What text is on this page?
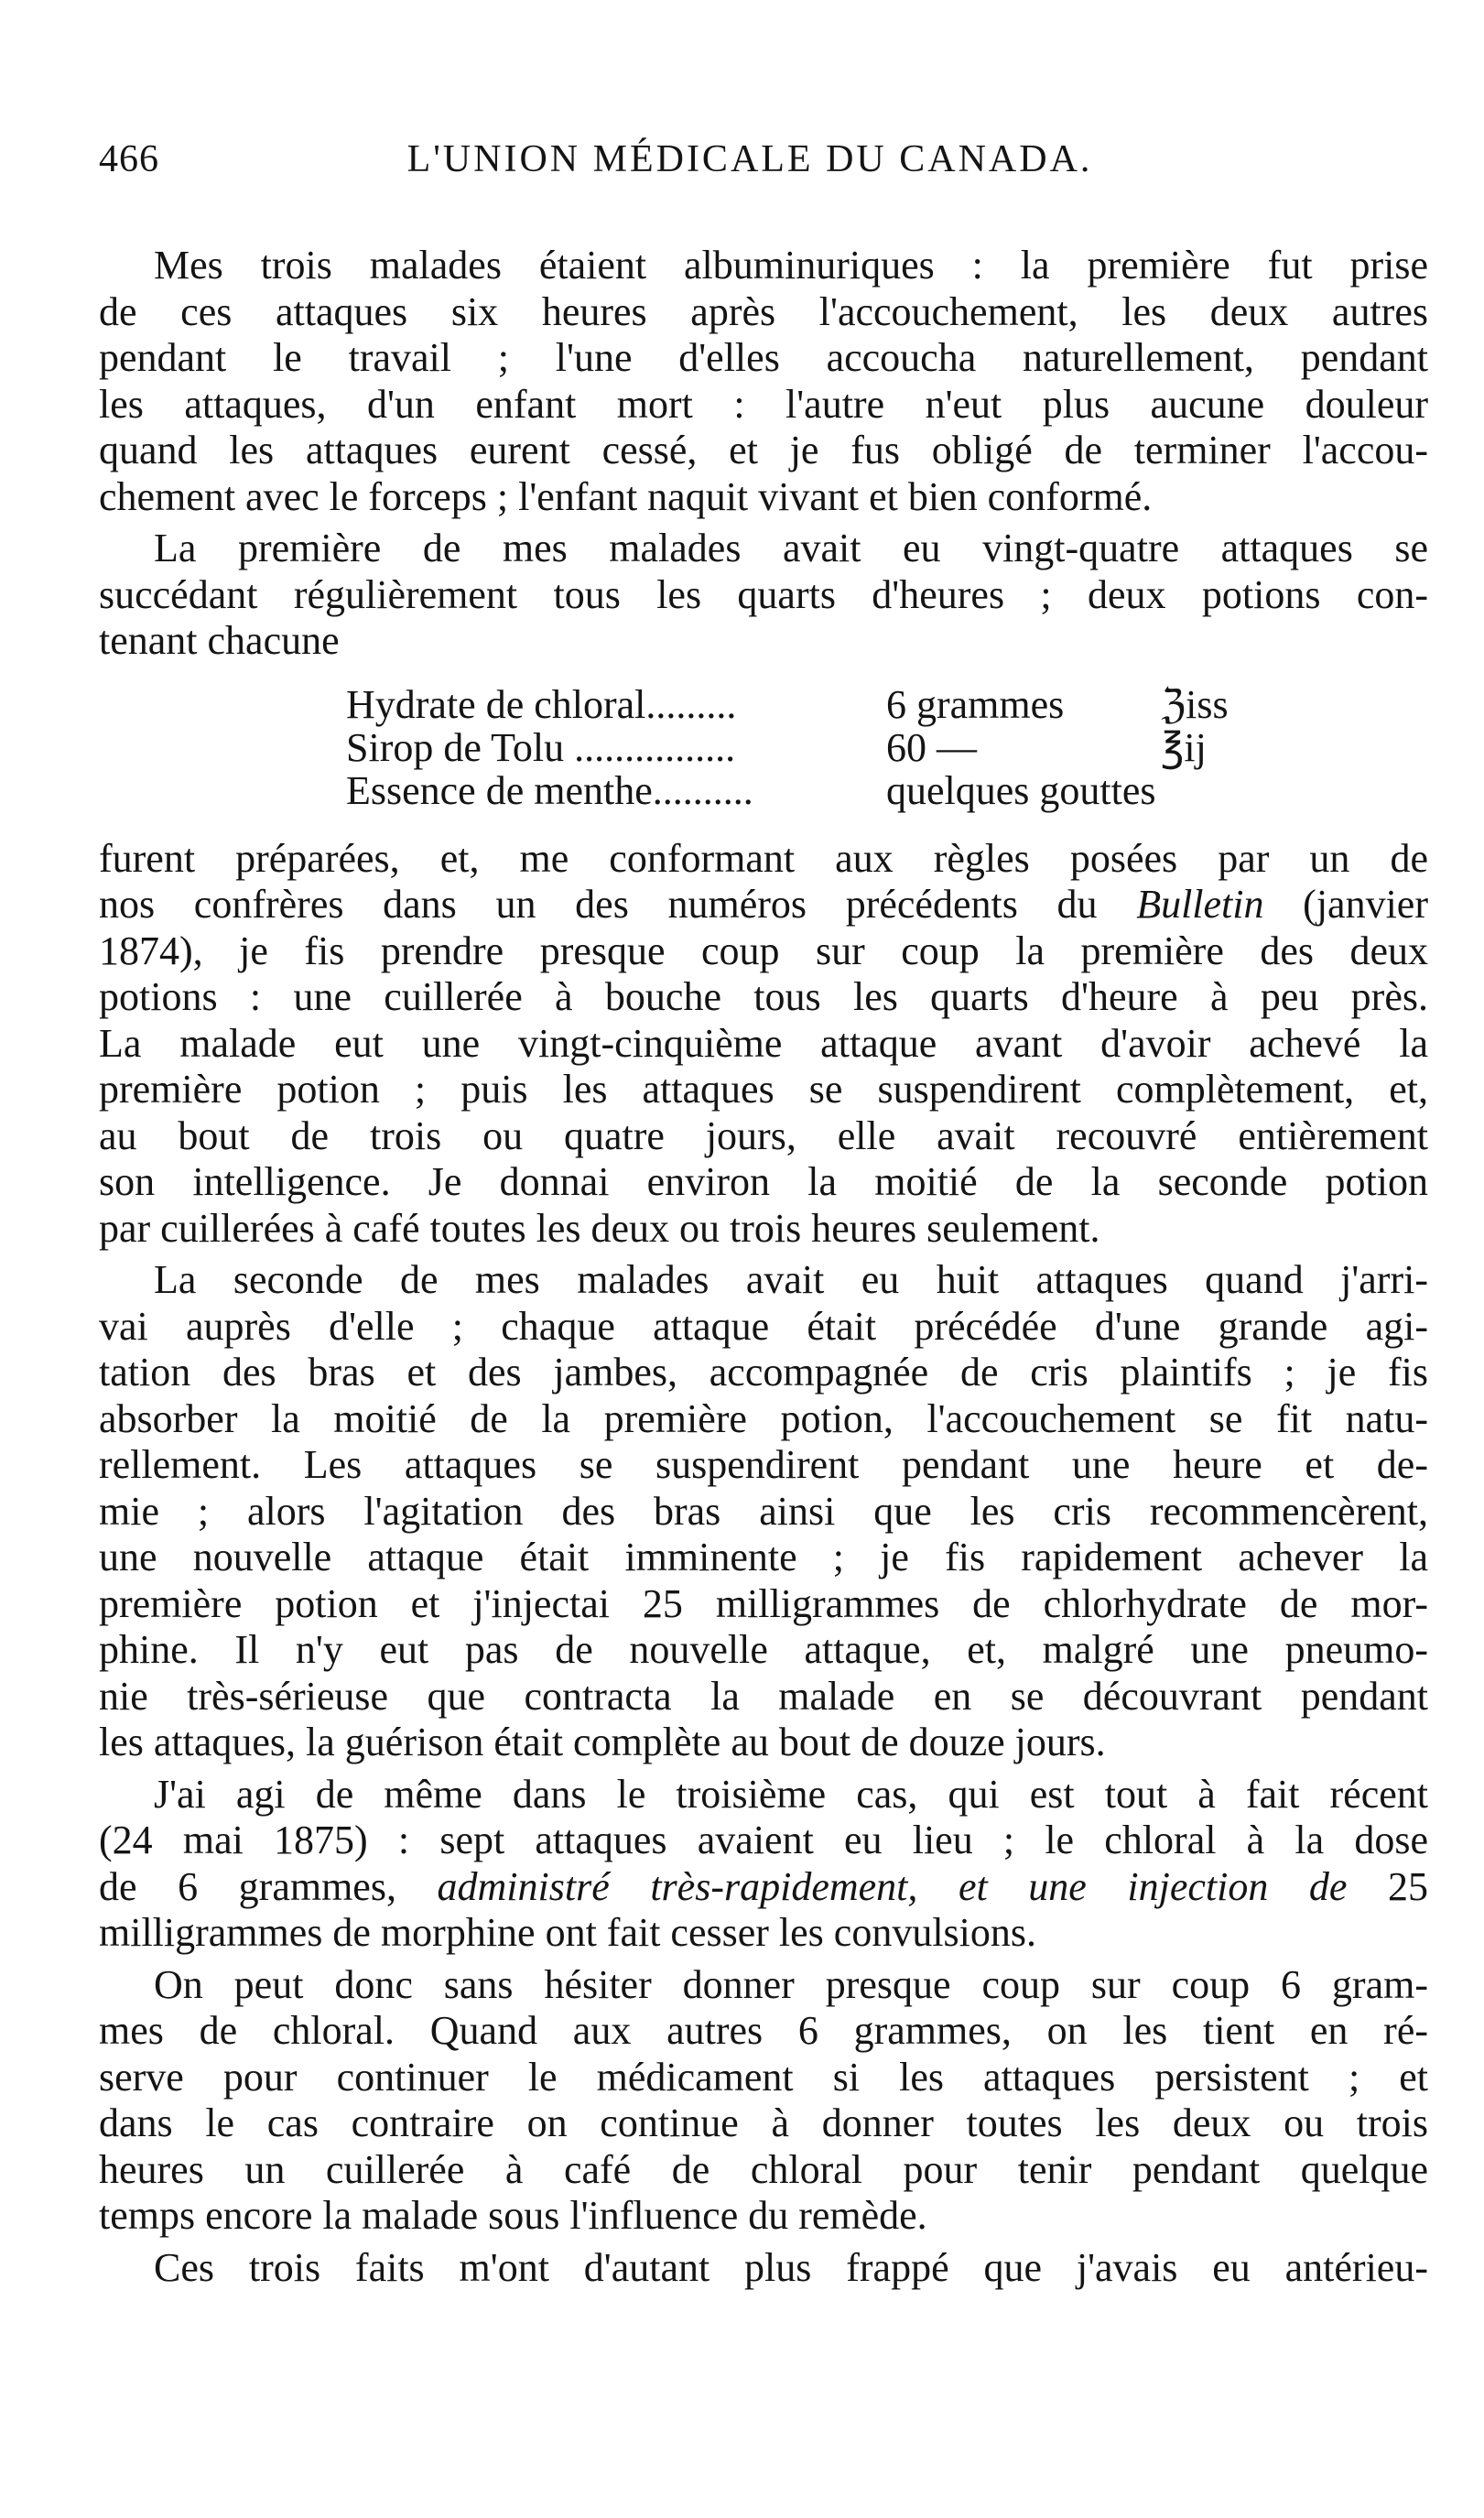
466	L'UNION MÉDICALE DU CANADA.
Mes trois malades étaient albuminuriques : la première fut prise
de ces attaques six heures après l'accouchement, les deux autres
pendant le travail ; l'une d'elles accoucha naturellement, pendant
les attaques, d'un enfant mort : l'autre n'eut plus aucune douleur
quand les attaques eurent cessé, et je fus obligé de terminer l'accou-
chement avec le forceps ; l'enfant naquit vivant et bien conformé.
La première de mes malades avait eu vingt-quatre attaques se
succédant régulièrement tous les quarts d'heures ; deux potions con-
tenant chacune
Hydrate de chloral.........	6 grammes	ℨiss
Sirop de Tolu ................	60 —	℥ij
Essence de menthe..........	quelques gouttes
furent préparées, et, me conformant aux règles posées par un de
nos confrères dans un des numéros précédents du Bulletin (janvier
1874), je fis prendre presque coup sur coup la première des deux
potions : une cuillerée à bouche tous les quarts d'heure à peu près.
La malade eut une vingt-cinquième attaque avant d'avoir achevé la
première potion ; puis les attaques se suspendirent complètement, et,
au bout de trois ou quatre jours, elle avait recouvré entièrement
son intelligence. Je donnai environ la moitié de la seconde potion
par cuillerées à café toutes les deux ou trois heures seulement.
La seconde de mes malades avait eu huit attaques quand j'arri-
vai auprès d'elle ; chaque attaque était précédée d'une grande agi-
tation des bras et des jambes, accompagnée de cris plaintifs ; je fis
absorber la moitié de la première potion, l'accouchement se fit natu-
rellement. Les attaques se suspendirent pendant une heure et de-
mie ; alors l'agitation des bras ainsi que les cris recommencèrent,
une nouvelle attaque était imminente ; je fis rapidement achever la
première potion et j'injectai 25 milligrammes de chlorhydrate de mor-
phine. Il n'y eut pas de nouvelle attaque, et, malgré une pneumo-
nie très-sérieuse que contracta la malade en se découvrant pendant
les attaques, la guérison était complète au bout de douze jours.
J'ai agi de même dans le troisième cas, qui est tout à fait récent
(24 mai 1875) : sept attaques avaient eu lieu ; le chloral à la dose
de 6 grammes, administré très-rapidement, et une injection de 25
milligrammes de morphine ont fait cesser les convulsions.
On peut donc sans hésiter donner presque coup sur coup 6 gram-
mes de chloral. Quand aux autres 6 grammes, on les tient en ré-
serve pour continuer le médicament si les attaques persistent ; et
dans le cas contraire on continue à donner toutes les deux ou trois
heures un cuillerée à café de chloral pour tenir pendant quelque
temps encore la malade sous l'influence du remède.
Ces trois faits m'ont d'autant plus frappé que j'avais eu antérieu-
